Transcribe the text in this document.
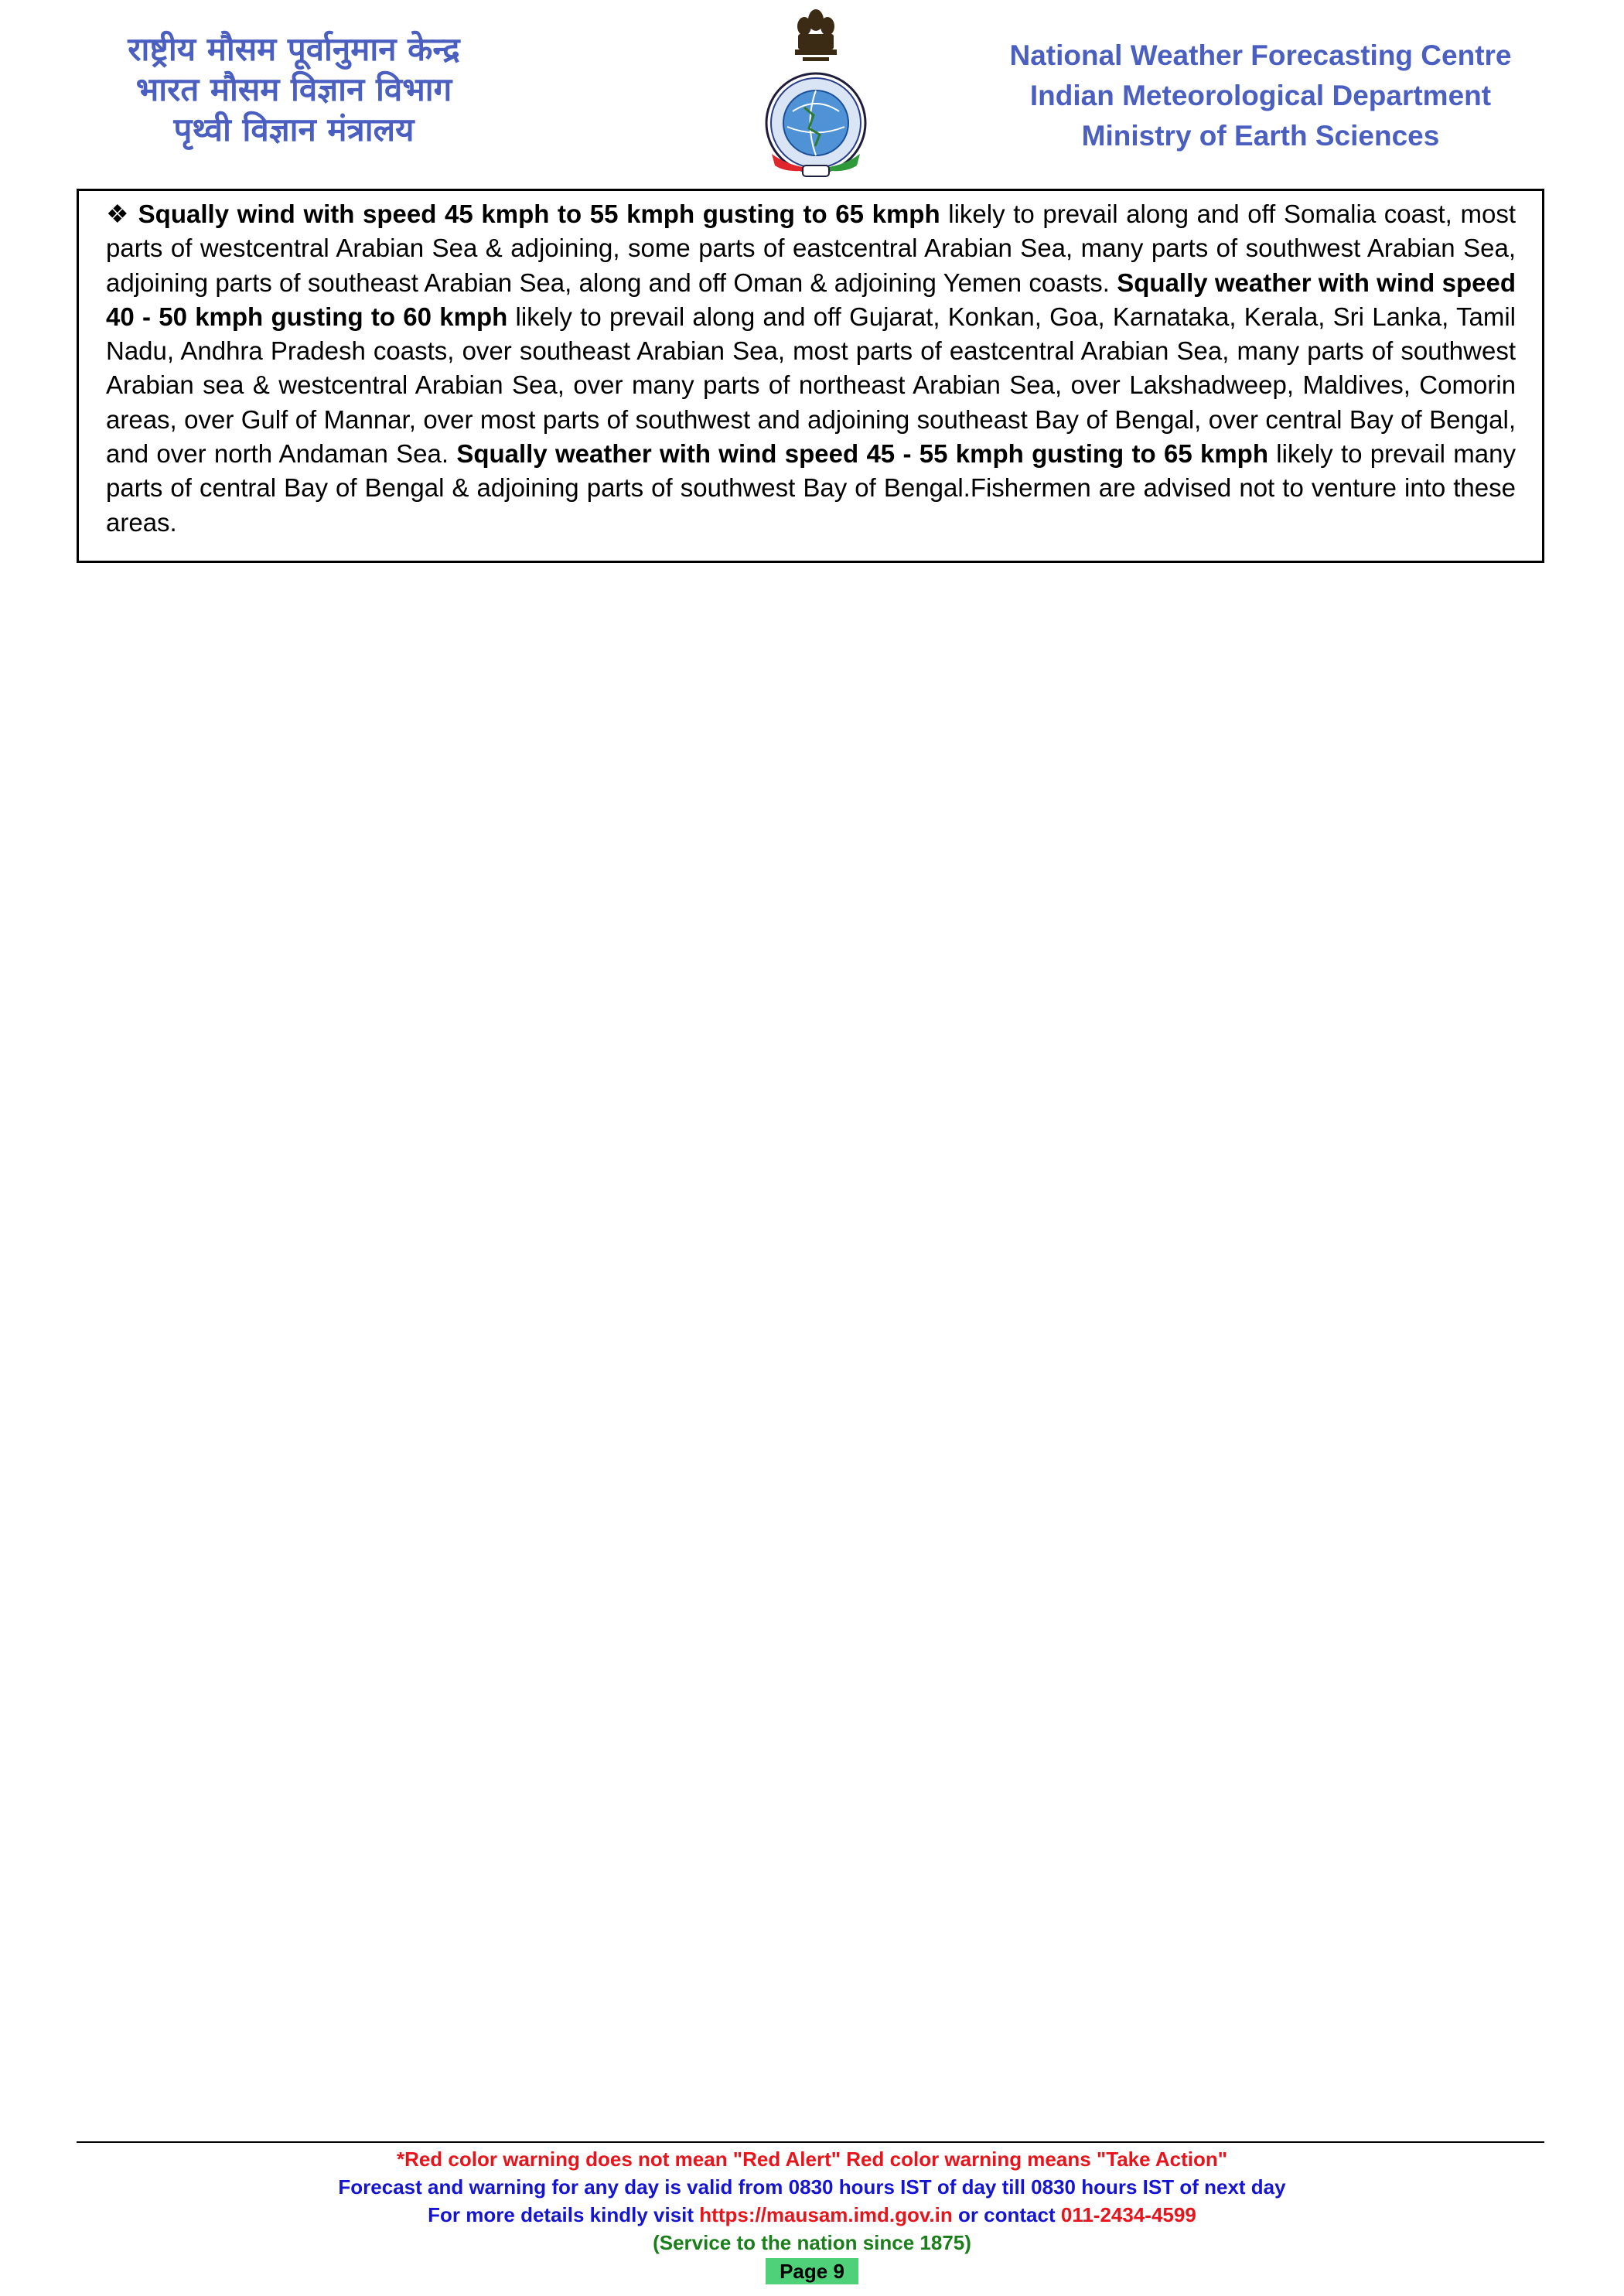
राष्ट्रीय मौसम पूर्वानुमान केन्द्र
भारत मौसम विज्ञान विभाग
पृथ्वी विज्ञान मंत्रालय
National Weather Forecasting Centre
Indian Meteorological Department
Ministry of Earth Sciences
❖ Squally wind with speed 45 kmph to 55 kmph gusting to 65 kmph likely to prevail along and off Somalia coast, most parts of westcentral Arabian Sea & adjoining, some parts of eastcentral Arabian Sea, many parts of southwest Arabian Sea, adjoining parts of southeast Arabian Sea, along and off Oman & adjoining Yemen coasts. Squally weather with wind speed 40 - 50 kmph gusting to 60 kmph likely to prevail along and off Gujarat, Konkan, Goa, Karnataka, Kerala, Sri Lanka, Tamil Nadu, Andhra Pradesh coasts, over southeast Arabian Sea, most parts of eastcentral Arabian Sea, many parts of southwest Arabian sea & westcentral Arabian Sea, over many parts of northeast Arabian Sea, over Lakshadweep, Maldives, Comorin areas, over Gulf of Mannar, over most parts of southwest and adjoining southeast Bay of Bengal, over central Bay of Bengal, and over north Andaman Sea. Squally weather with wind speed 45 - 55 kmph gusting to 65 kmph likely to prevail many parts of central Bay of Bengal & adjoining parts of southwest Bay of Bengal.Fishermen are advised not to venture into these areas.
*Red color warning does not mean "Red Alert" Red color warning means "Take Action"
Forecast and warning for any day is valid from 0830 hours IST of day till 0830 hours IST of next day
For more details kindly visit https://mausam.imd.gov.in or contact 011-2434-4599
(Service to the nation since 1875)
Page 9
